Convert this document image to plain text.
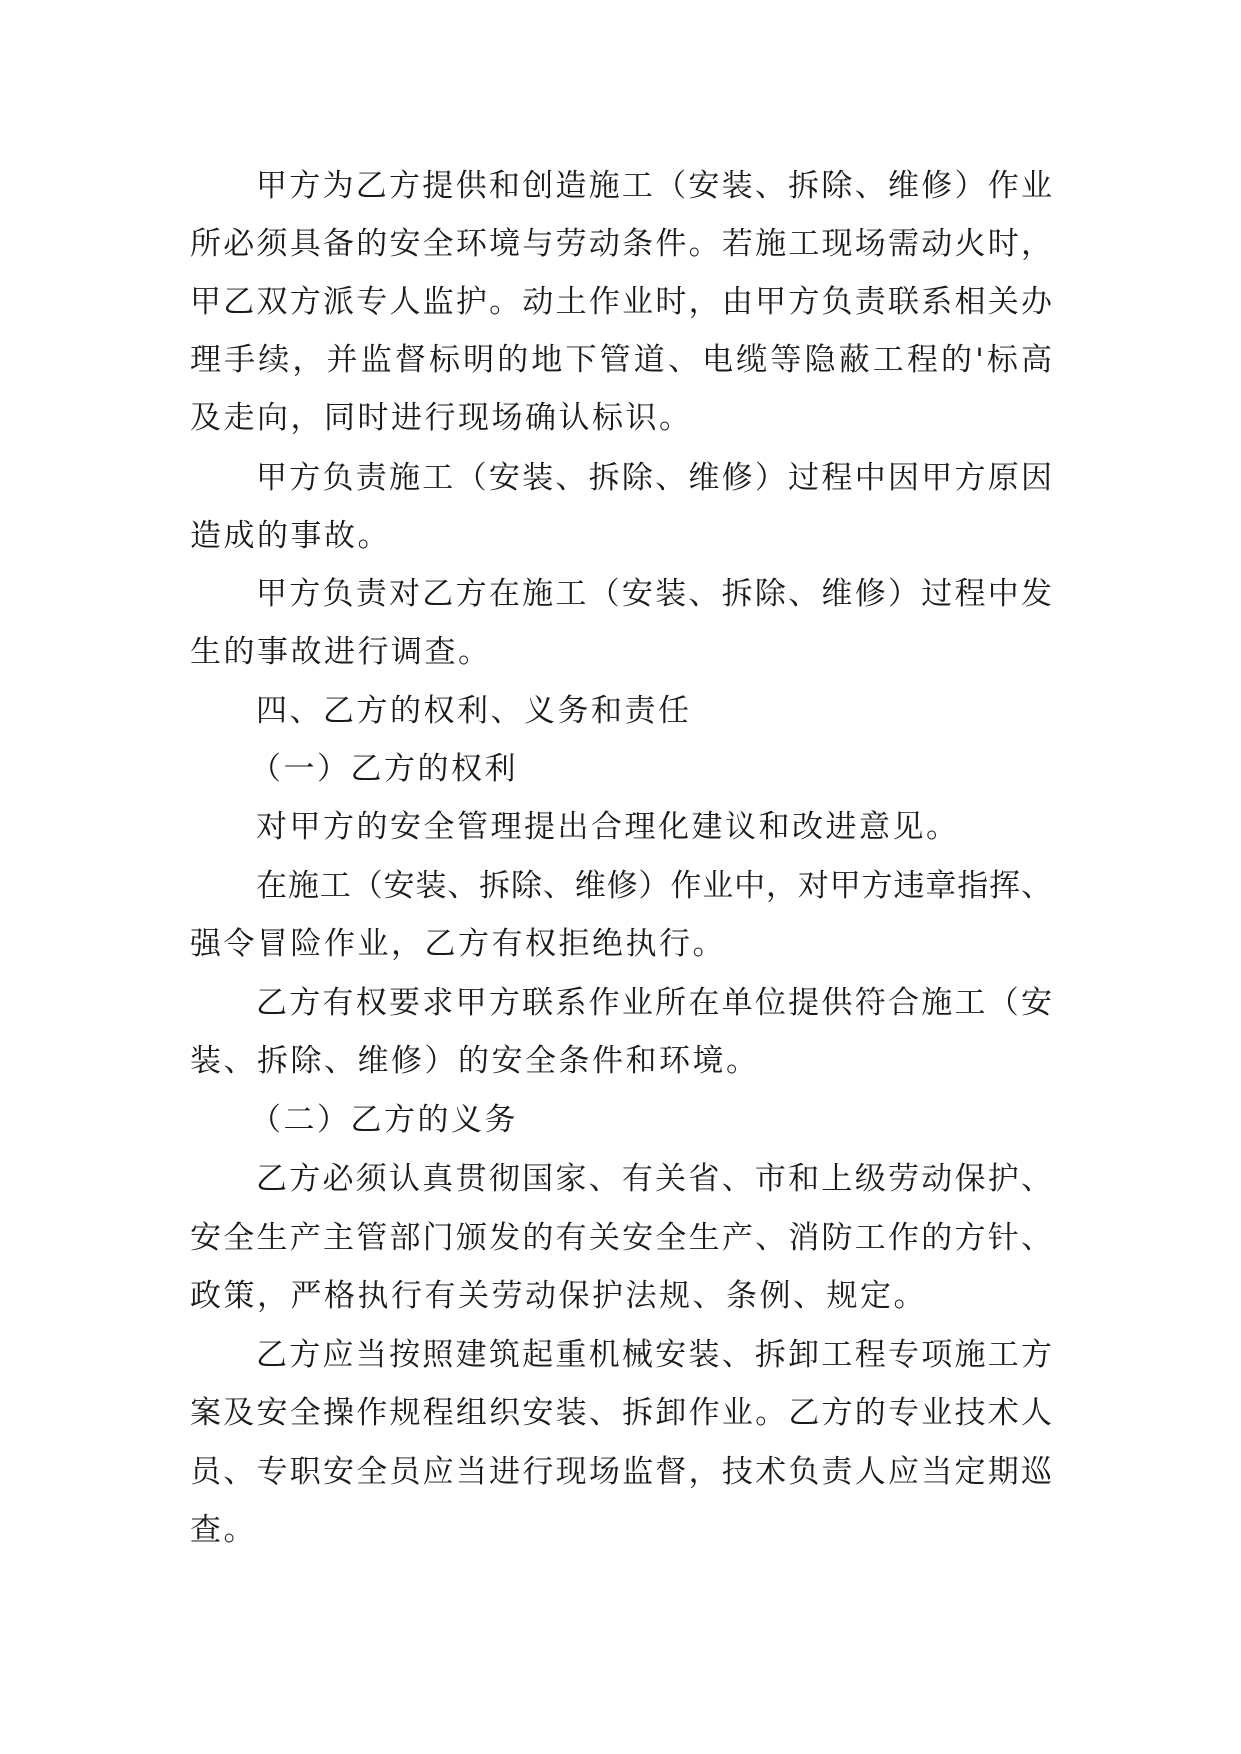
甲方为乙方提供和创造施工（安装、拆除、维修）作业
所必须具备的安全环境与劳动条件。若施工现场需动火时，
甲乙双方派专人监护。动土作业时，由甲方负责联系相关办
理手续，并监督标明的地下管道、电缆等隐蔽工程的'标高
及走向，同时进行现场确认标识。
甲方负责施工（安装、拆除、维修）过程中因甲方原因
造成的事故。
甲方负责对乙方在施工（安装、拆除、维修）过程中发
生的事故进行调查。
四、乙方的权利、义务和责任
（一）乙方的权利
对甲方的安全管理提出合理化建议和改进意见。
在施工（安装、拆除、维修）作业中，对甲方违章指挥、
强令冒险作业，乙方有权拒绝执行。
乙方有权要求甲方联系作业所在单位提供符合施工（安
装、拆除、维修）的安全条件和环境。
（二）乙方的义务
乙方必须认真贯彻国家、有关省、市和上级劳动保护、
安全生产主管部门颁发的有关安全生产、消防工作的方针、
政策，严格执行有关劳动保护法规、条例、规定。
乙方应当按照建筑起重机械安装、拆卸工程专项施工方
案及安全操作规程组织安装、拆卸作业。乙方的专业技术人
员、专职安全员应当进行现场监督，技术负责人应当定期巡
查。
